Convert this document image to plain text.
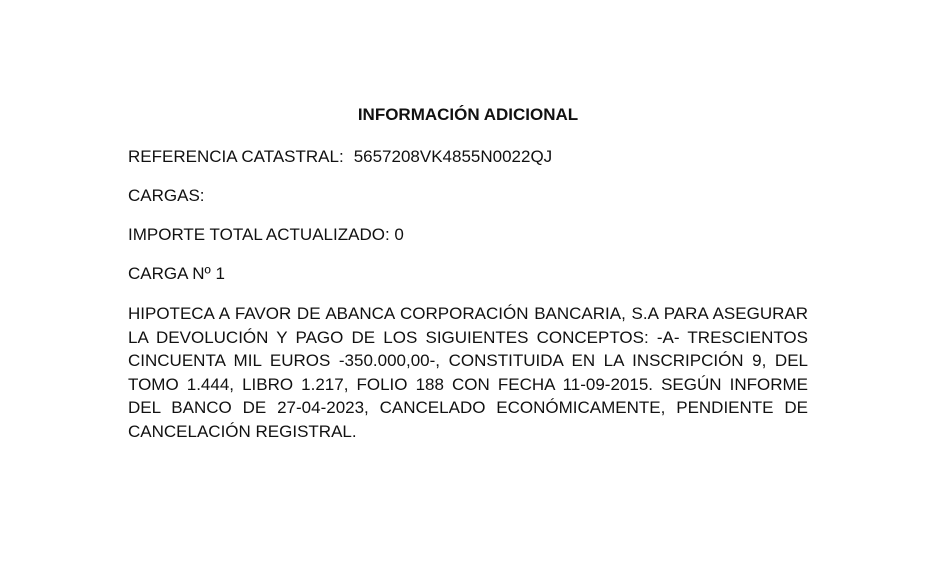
INFORMACIÓN ADICIONAL
REFERENCIA CATASTRAL: 5657208VK4855N0022QJ
CARGAS:
IMPORTE TOTAL ACTUALIZADO: 0
CARGA Nº 1
HIPOTECA A FAVOR DE ABANCA CORPORACIÓN BANCARIA, S.A PARA ASEGURAR LA DEVOLUCIÓN Y PAGO DE LOS SIGUIENTES CONCEPTOS: -A- TRESCIENTOS CINCUENTA MIL EUROS -350.000,00-, CONSTITUIDA EN LA INSCRIPCIÓN 9, DEL TOMO 1.444, LIBRO 1.217, FOLIO 188 CON FECHA 11-09-2015. SEGÚN INFORME DEL BANCO DE 27-04-2023, CANCELADO ECONÓMICAMENTE, PENDIENTE DE CANCELACIÓN REGISTRAL.
